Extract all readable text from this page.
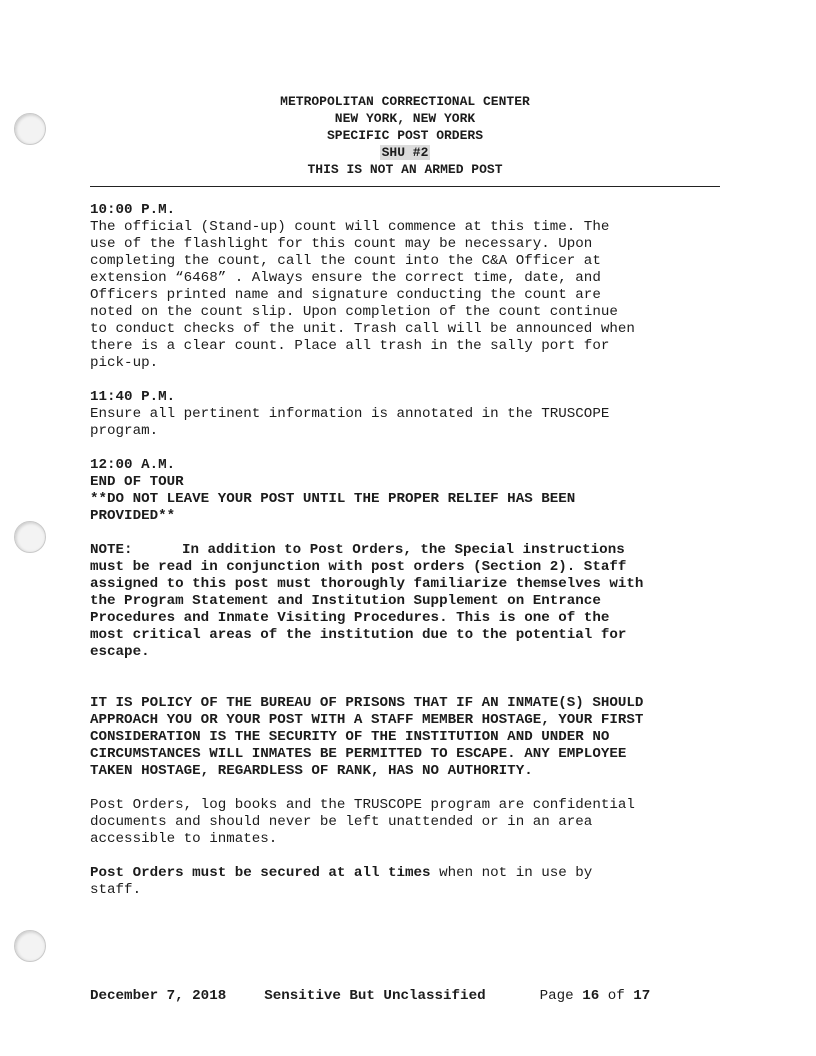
METROPOLITAN CORRECTIONAL CENTER
NEW YORK, NEW YORK
SPECIFIC POST ORDERS
SHU #2
THIS IS NOT AN ARMED POST

10:00 P.M.
The official (Stand-up) count will commence at this time. The
use of the flashlight for this count may be necessary. Upon
completing the count, call the count into the C&A Officer at
extension “6468” . Always ensure the correct time, date, and
Officers printed name and signature conducting the count are
noted on the count slip. Upon completion of the count continue
to conduct checks of the unit. Trash call will be announced when
there is a clear count. Place all trash in the sally port for
pick-up.

11:40 P.M.
Ensure all pertinent information is annotated in the TRUSCOPE
program.

12:00 A.M.
END OF TOUR
**DO NOT LEAVE YOUR POST UNTIL THE PROPER RELIEF HAS BEEN
PROVIDED**

NOTE:	In addition to Post Orders, the Special instructions
must be read in conjunction with post orders (Section 2). Staff
assigned to this post must thoroughly familiarize themselves with
the Program Statement and Institution Supplement on Entrance
Procedures and Inmate Visiting Procedures. This is one of the
most critical areas of the institution due to the potential for
escape.

IT IS POLICY OF THE BUREAU OF PRISONS THAT IF AN INMATE(S) SHOULD
APPROACH YOU OR YOUR POST WITH A STAFF MEMBER HOSTAGE, YOUR FIRST
CONSIDERATION IS THE SECURITY OF THE INSTITUTION AND UNDER NO
CIRCUMSTANCES WILL INMATES BE PERMITTED TO ESCAPE. ANY EMPLOYEE
TAKEN HOSTAGE, REGARDLESS OF RANK, HAS NO AUTHORITY.

Post Orders, log books and the TRUSCOPE program are confidential
documents and should never be left unattended or in an area
accessible to inmates.

Post Orders must be secured at all times when not in use by
staff.

December 7, 2018	Sensitive But Unclassified	Page 16 of 17
